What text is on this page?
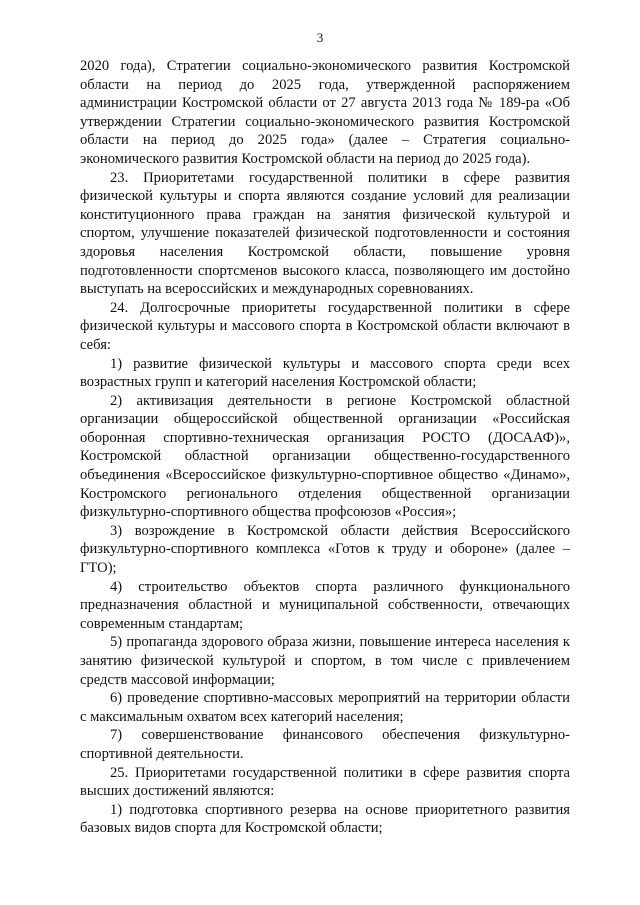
3

2020 года), Стратегии социально-экономического развития Костромской области на период до 2025 года, утвержденной распоряжением администрации Костромской области от 27 августа 2013 года № 189-ра «Об утверждении Стратегии социально-экономического развития Костромской области на период до 2025 года» (далее – Стратегия социально-экономического развития Костромской области на период до 2025 года).

23. Приоритетами государственной политики в сфере развития физической культуры и спорта являются создание условий для реализации конституционного права граждан на занятия физической культурой и спортом, улучшение показателей физической подготовленности и состояния здоровья населения Костромской области, повышение уровня подготовленности спортсменов высокого класса, позволяющего им достойно выступать на всероссийских и международных соревнованиях.

24. Долгосрочные приоритеты государственной политики в сфере физической культуры и массового спорта в Костромской области включают в себя:

1) развитие физической культуры и массового спорта среди всех возрастных групп и категорий населения Костромской области;

2) активизация деятельности в регионе Костромской областной организации общероссийской общественной организации «Российская оборонная спортивно-техническая организация РОСТО (ДОСААФ)», Костромской областной организации общественно-государственного объединения «Всероссийское физкультурно-спортивное общество «Динамо», Костромского регионального отделения общественной организации физкультурно-спортивного общества профсоюзов «Россия»;

3) возрождение в Костромской области действия Всероссийского физкультурно-спортивного комплекса «Готов к труду и обороне» (далее – ГТО);

4) строительство объектов спорта различного функционального предназначения областной и муниципальной собственности, отвечающих современным стандартам;

5) пропаганда здорового образа жизни, повышение интереса населения к занятию физической культурой и спортом, в том числе с привлечением средств массовой информации;

6) проведение спортивно-массовых мероприятий на территории области с максимальным охватом всех категорий населения;

7) совершенствование финансового обеспечения физкультурно-спортивной деятельности.

25. Приоритетами государственной политики в сфере развития спорта высших достижений являются:

1) подготовка спортивного резерва на основе приоритетного развития базовых видов спорта для Костромской области;
